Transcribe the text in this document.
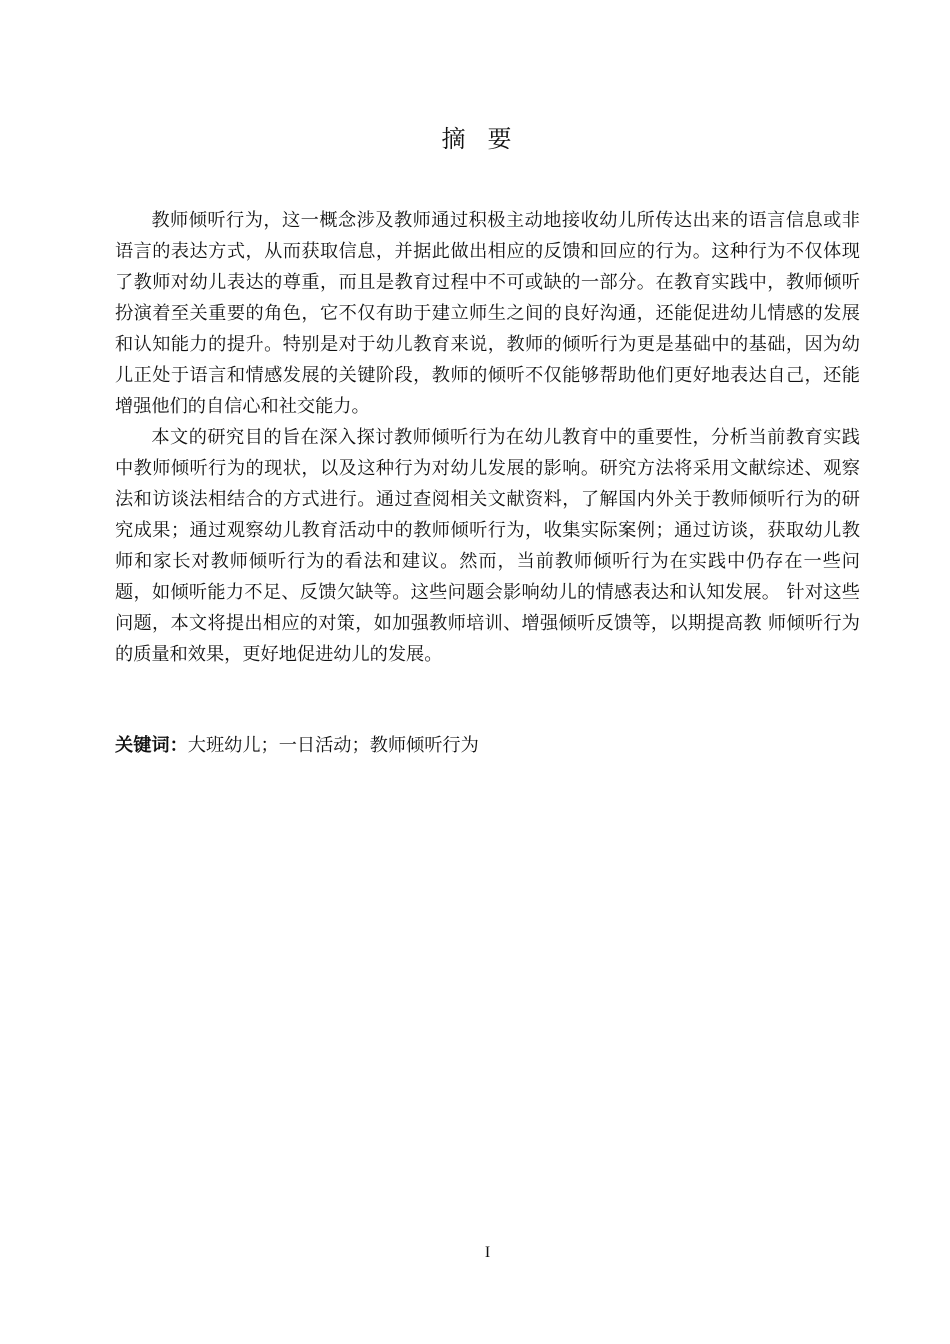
摘要

教师倾听行为，这一概念涉及教师通过积极主动地接收幼儿所传达出来的语言信息或非语言的表达方式，从而获取信息，并据此做出相应的反馈和回应的行为。这种行为不仅体现了教师对幼儿表达的尊重，而且是教育过程中不可或缺的一部分。在教育实践中，教师倾听扮演着至关重要的角色，它不仅有助于建立师生之间的良好沟通，还能促进幼儿情感的发展和认知能力的提升。特别是对于幼儿教育来说，教师的倾听行为更是基础中的基础，因为幼儿正处于语言和情感发展的关键阶段，教师的倾听不仅能够帮助他们更好地表达自己，还能增强他们的自信心和社交能力。

本文的研究目的旨在深入探讨教师倾听行为在幼儿教育中的重要性，分析当前教育实践中教师倾听行为的现状，以及这种行为对幼儿发展的影响。研究方法将采用文献综述、观察法和访谈法相结合的方式进行。通过查阅相关文献资料，了解国内外关于教师倾听行为的研究成果；通过观察幼儿教育活动中的教师倾听行为，收集实际案例；通过访谈，获取幼儿教师和家长对教师倾听行为的看法和建议。然而，当前教师倾听行为在实践中仍存在一些问题，如倾听能力不足、反馈欠缺等。这些问题会影响幼儿的情感表达和认知发展。 针对这些问题，本文将提出相应的对策，如加强教师培训、增强倾听反馈等，以期提高教 师倾听行为的质量和效果，更好地促进幼儿的发展。

关键词：大班幼儿；一日活动；教师倾听行为
I
